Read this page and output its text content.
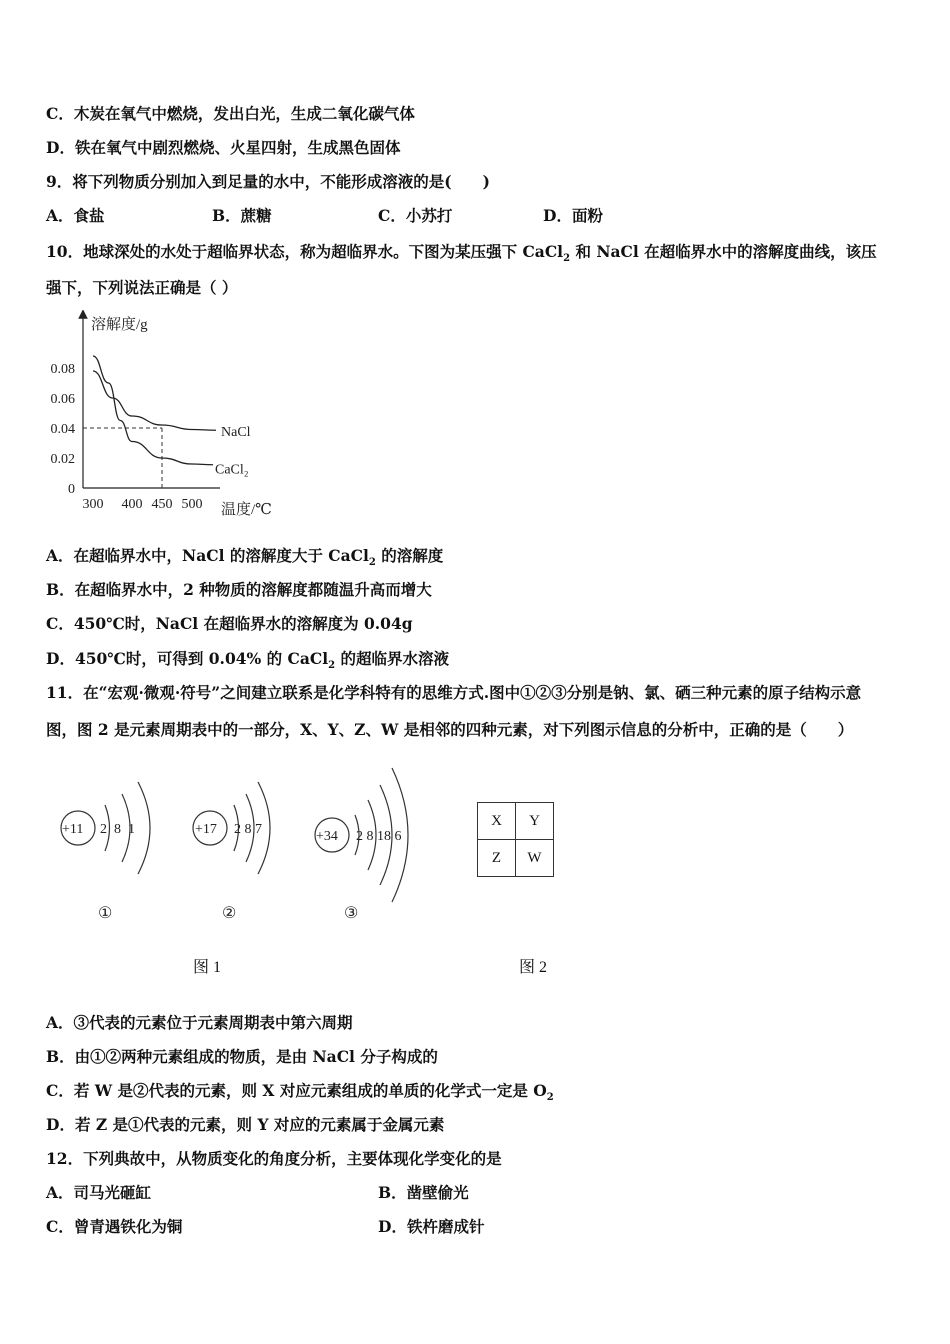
C．木炭在氧气中燃烧，发出白光，生成二氧化碳气体
D．铁在氧气中剧烈燃烧、火星四射，生成黑色固体
9．将下列物质分别加入到足量的水中，不能形成溶液的是(　　)
A．食盐	B．蔗糖	C．小苏打	D．面粉
10．地球深处的水处于超临界状态，称为超临界水。下图为某压强下 CaCl$_2$ 和 NaCl 在超临界水中的溶解度曲线，该压
强下，下列说法正确是（ ）
溶解度/g
温度/℃
0
0.02
0.04
0.06
0.08
300 400 450 500
NaCl
CaCl₂
A．在超临界水中，NaCl 的溶解度大于 CaCl$_2$ 的溶解度
B．在超临界水中，2 种物质的溶解度都随温升高而增大
C．450℃时，NaCl 在超临界水的溶解度为 0.04g
D．450℃时，可得到 0.04% 的 CaCl$_2$ 的超临界水溶液
11．在“宏观·微观·符号”之间建立联系是化学科特有的思维方式.图中①②③分别是钠、氯、硒三种元素的原子结构示意
图，图 2 是元素周期表中的一部分，X、Y、Z、W 是相邻的四种元素，对下列图示信息的分析中，正确的是（　　）
+11 2  8  1
①
+17 2 8 7
②
+34 2 8 18 6
③
X	Y
Z	W
图 1	图 2
A．③代表的元素位于元素周期表中第六周期
B．由①②两种元素组成的物质，是由 NaCl 分子构成的
C．若 W 是②代表的元素，则 X 对应元素组成的单质的化学式一定是 $O_2$
D．若 Z 是①代表的元素，则 Y 对应的元素属于金属元素
12．下列典故中，从物质变化的角度分析，主要体现化学变化的是
A．司马光砸缸	B．凿壁偷光
C．曾青遇铁化为铜	D．铁杵磨成针
